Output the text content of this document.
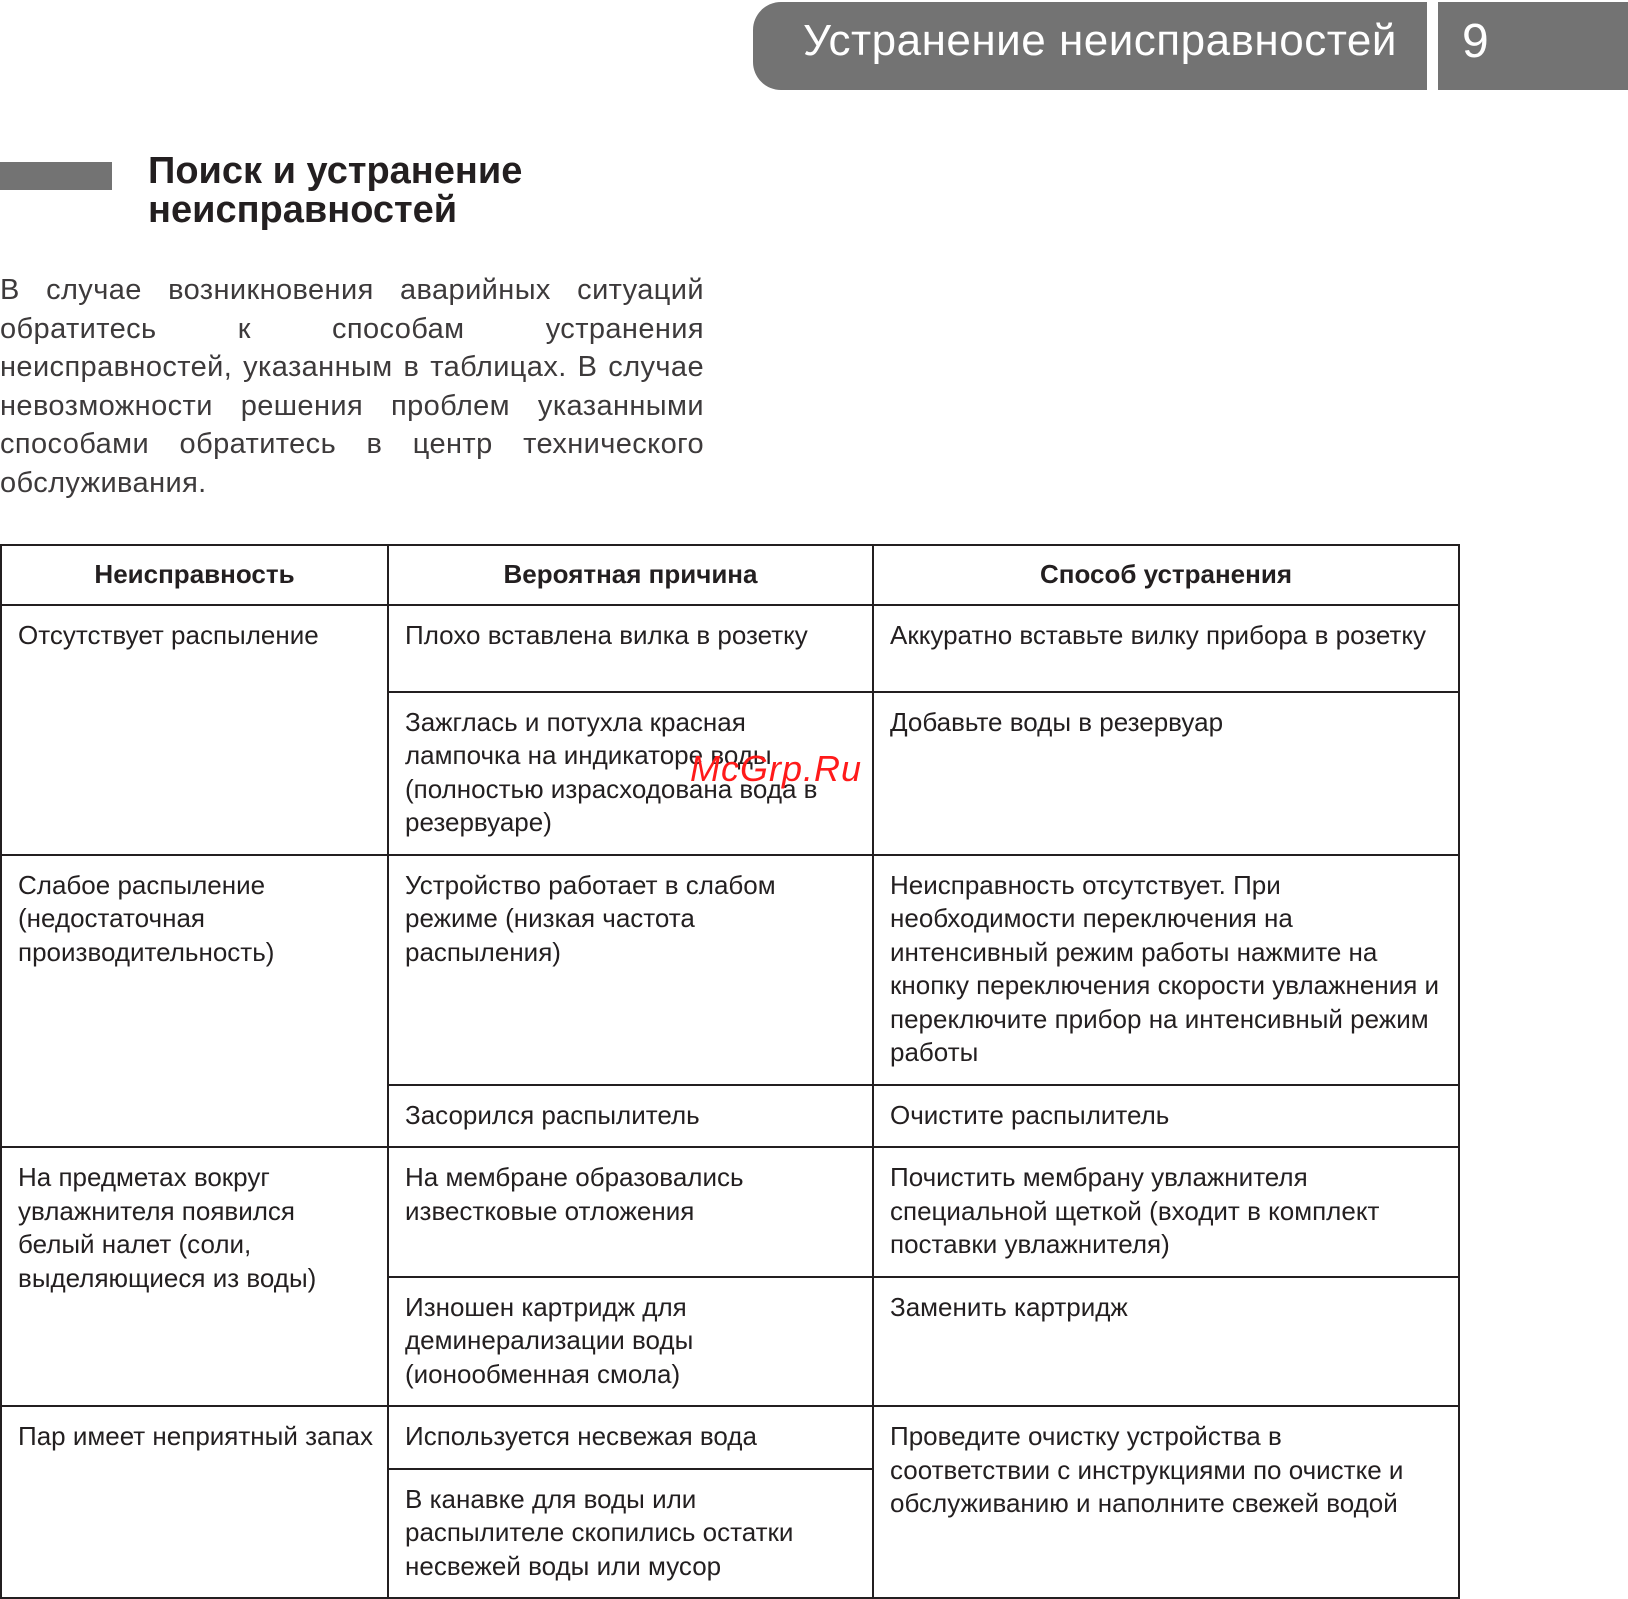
Устранение неисправностей 9
Поиск и устранение
неисправностей

В случае возникновения аварийных ситуаций обратитесь к способам устранения неисправностей, указанным в таблицах. В случае невозможности решения проблем указанными способами обратитесь в центр технического обслуживания.

Неисправность	Вероятная причина	Способ устранения
Отсутствует распыление	Плохо вставлена вилка в розетку	Аккуратно вставьте вилку прибора в розетку
	Зажглась и потухла красная лампочка на индикаторе воды (полностью израсходована вода в резервуаре)	Добавьте воды в резервуар
Слабое распыление (недостаточная производительность)	Устройство работает в слабом режиме (низкая частота распыления)	Неисправность отсутствует. При необходимости переключения на интенсивный режим работы нажмите на кнопку переключения скорости увлажнения и переключите прибор на интенсивный режим работы
	Засорился распылитель	Очистите распылитель
На предметах вокруг увлажнителя появился белый налет (соли, выделяющиеся из воды)	На мембране образовались известковые отложения	Почистить мембрану увлажнителя специальной щеткой (входит в комплект поставки увлажнителя)
	Изношен картридж для деминерализации воды (ионообменная смола)	Заменить картридж
Пар имеет неприятный запах	Используется несвежая вода	Проведите очистку устройства в соответствии с инструкциями по очистке и обслуживанию и наполните свежей водой
	В канавке для воды или распылителе скопились остатки несвежей воды или мусор	
McGrp.Ru
